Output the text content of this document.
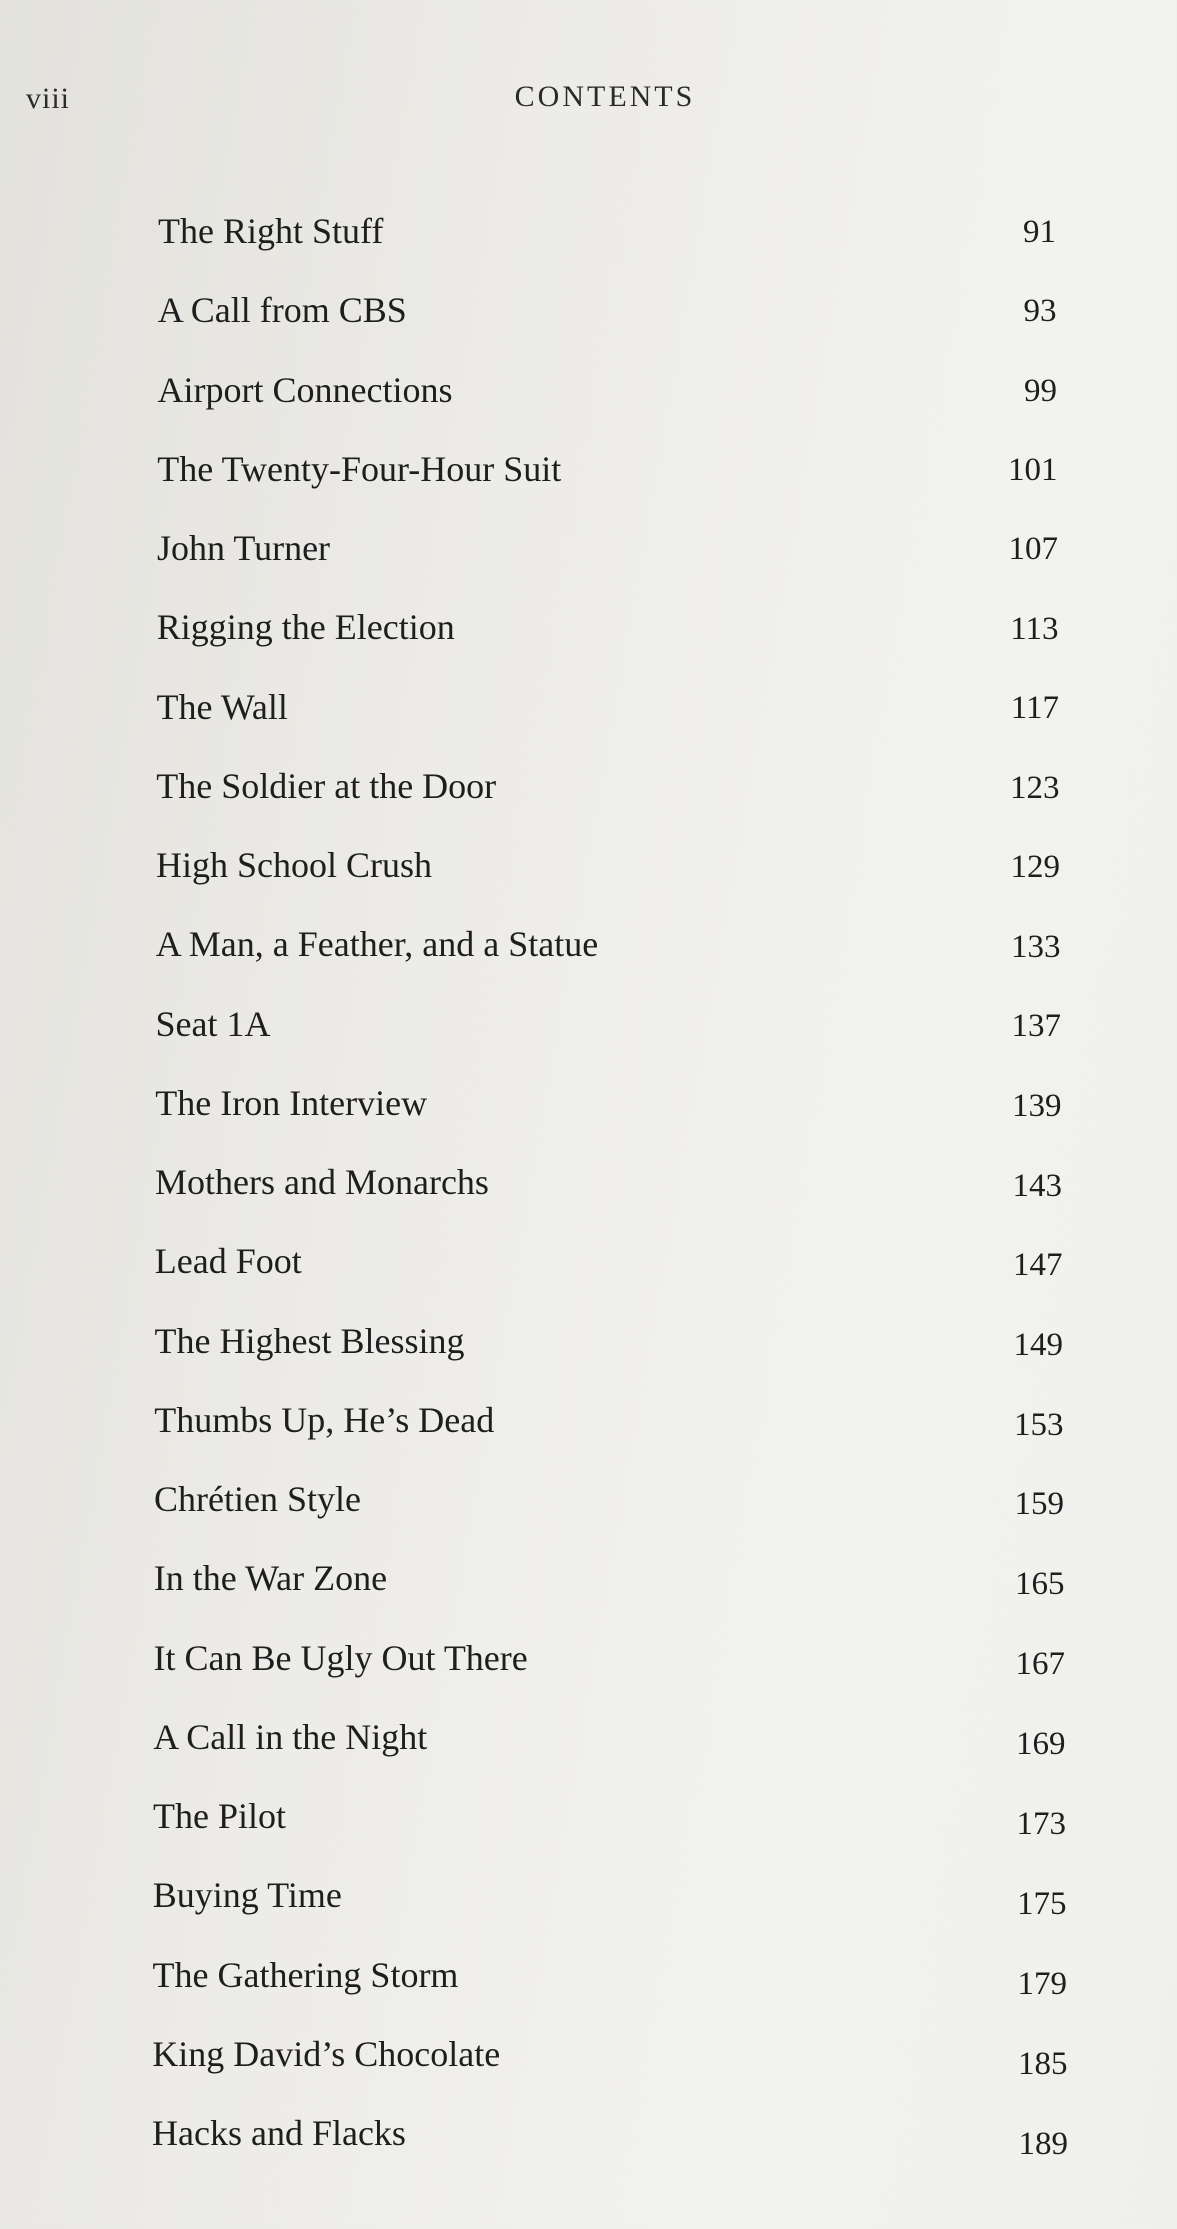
viii	CONTENTS
The Right Stuff	91
A Call from CBS	93
Airport Connections	99
The Twenty-Four-Hour Suit	101
John Turner	107
Rigging the Election	113
The Wall	117
The Soldier at the Door	123
High School Crush	129
A Man, a Feather, and a Statue	133
Seat 1A	137
The Iron Interview	139
Mothers and Monarchs	143
Lead Foot	147
The Highest Blessing	149
Thumbs Up, He’s Dead	153
Chrétien Style	159
In the War Zone	165
It Can Be Ugly Out There	167
A Call in the Night	169
The Pilot	173
Buying Time	175
The Gathering Storm	179
King David’s Chocolate	185
Hacks and Flacks	189
